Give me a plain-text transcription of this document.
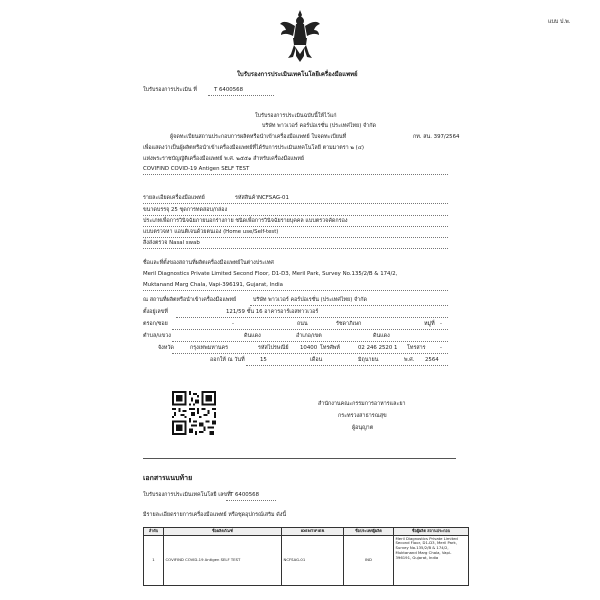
แบบ ป.พ.
ใบรับรองการประเมินเทคโนโลยีเครื่องมือแพทย์
ใบรับรองการประเมิน ที่	T 6400568
ใบรับรองการประเมินฉบับนี้ให้ไว้แก่
บริษัท พาวเวอร์ คอร์ปอเรชั่น (ประเทศไทย) จำกัด
ผู้จดทะเบียนสถานประกอบการผลิตหรือนำเข้าเครื่องมือแพทย์ ใบจดทะเบียนที่	กท. สน. 397/2564
เพื่อแสดงว่าเป็นผู้ผลิตหรือนำเข้าเครื่องมือแพทย์ที่ได้รับการประเมินเทคโนโลยี ตามมาตรา ๒ (๔)
แห่งพระราชบัญญัติเครื่องมือแพทย์ พ.ศ. ๒๕๕๑ สำหรับเครื่องมือแพทย์
COVIFIND COVID-19 Antigen SELF TEST
รายละเอียดเครื่องมือแพทย์	รหัสสินค้า NCFSAG-01
ขนาดบรรจุ 25 ชุดการทดสอบ/กล่อง
ประเภทเพื่อการวินิจฉัยภายนอกร่างกาย ชนิดเพื่อการวินิจฉัยรายบุคคล แบบตรวจคัดกรอง
แบบตรวจหา แอนติเจนด้วยตนเอง (Home use/Self-test)
สิ่งส่งตรวจ Nasal swab
ชื่อและที่ตั้งของสถานที่ผลิตเครื่องมือแพทย์ในต่างประเทศ
Meril Diagnostics Private Limited Second Floor, D1-D3, Meril Park, Survey No.135/2/B & 174/2,
Muktanand Marg Chala, Vapi-396191, Gujarat, India
ณ สถานที่ผลิตหรือนำเข้าเครื่องมือแพทย์	บริษัท พาวเวอร์ คอร์ปอเรชั่น (ประเทศไทย) จำกัด
ตั้งอยู่เลขที่	121/59 ชั้น 16 อาคารอาร์เอสทาวเวอร์
ตรอก/ซอย	-	ถนน	รัชดาภิเษก	หมู่ที่ -
ตำบล/แขวง	ดินแดง	อำเภอ/เขต	ดินแดง
จังหวัด	กรุงเทพมหานคร	รหัสไปรษณีย์ 10400 โทรศัพท์	02 246 2520 1 โทรสาร	-
ออกให้ ณ วันที่	15	เดือน	มิถุนายน	พ.ศ. 2564
สำนักงานคณะกรรมการอาหารและยา
กระทรวงสาธารณสุข
ผู้อนุญาต
เอกสารแนบท้าย
ใบรับรองการประเมินเทคโนโลยี เลขที่ T 6400568
มีรายละเอียดรายการเครื่องมือแพทย์ หรือชุดอุปกรณ์เสริม ดังนี้
ลำดับ	ชื่อผลิตภัณฑ์	IDENTIFIER	ชื่อประเทศผู้ผลิต	ชื่อผู้ผลิต สถานประกอบ
1	COVIFIND COVID-19 Antigen SELF TEST	NCFSAG-01	IND	Meril Diagnostics Private Limited Second Floor, D1-D3, Meril Park, Survey No.135/2/B & 174/2, Muktanand Marg Chala, Vapi-396191, Gujarat, India
